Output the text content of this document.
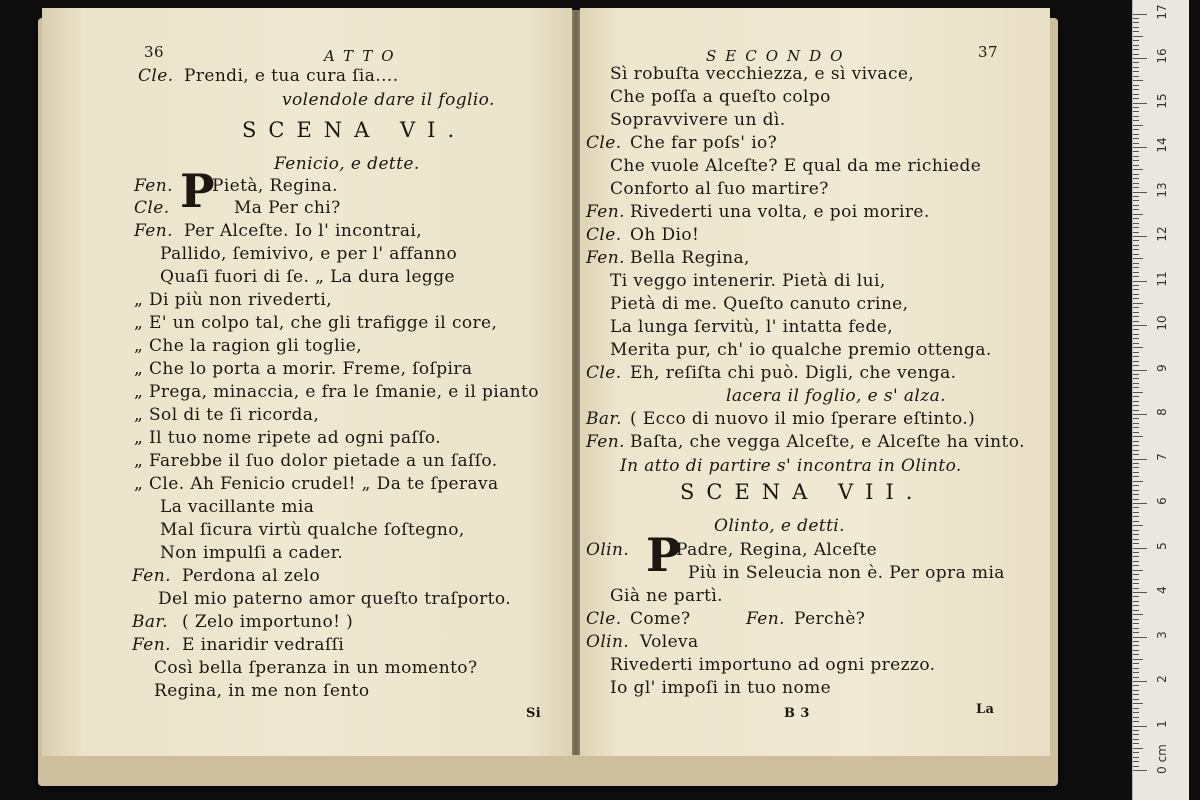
36	ATTO
Cle. Prendi, e tua cura ſia....
volendole dare il foglio.
SCENA VI.
Fenicio, e dette.
P
Fen. Pietà, Regina.
Cle.	Ma Per chi?
Fen. Per Alceſte. Io l' incontrai,
Pallido, ſemivivo, e per l' affanno
Quaſi fuori di ſe. „ La dura legge
„ Di più non rivederti,
„ E' un colpo tal, che gli trafigge il core,
„ Che la ragion gli toglie,
„ Che lo porta a morir. Freme, ſoſpira
„ Prega, minaccia, e fra le ſmanie, e il pianto
„ Sol di te ſi ricorda,
„ Il tuo nome ripete ad ogni paſſo.
„ Farebbe il ſuo dolor pietade a un ſaſſo.
„ Cle. Ah Fenicio crudel! „ Da te ſperava
La vacillante mia
Mal ſicura virtù qualche ſoſtegno,
Non impulſi a cader.
Fen. Perdona al zelo
Del mio paterno amor queſto traſporto.
Bar. ( Zelo importuno! )
Fen. E inaridir vedraſſi
Così bella ſperanza in un momento?
Regina, in me non ſento
Si
SECONDO	37
Sì robuſta vecchiezza, e sì vivace,
Che poſſa a queſto colpo
Sopravvivere un dì.
Cle. Che far poſs' io?
Che vuole Alceſte? E qual da me richiede
Conforto al ſuo martire?
Fen. Rivederti una volta, e poi morire.
Cle. Oh Dio!
Fen. Bella Regina,
Ti veggo intenerir. Pietà di lui,
Pietà di me. Queſto canuto crine,
La lunga ſervitù, l' intatta fede,
Merita pur, ch' io qualche premio ottenga.
Cle. Eh, reſiſta chi può. Digli, che venga.
lacera il foglio, e s' alza.
Bar. ( Ecco di nuovo il mio ſperare eſtinto.)
Fen. Baſta, che vegga Alceſte, e Alceſte ha vinto.
In atto di partire s' incontra in Olinto.
SCENA VII.
Olinto, e detti.
P
Olin.	Padre, Regina, Alceſte
Più in Seleucia non è. Per opra mia
Già ne partì.
Cle. Come?	Fen. Perchè?
Olin. Voleva
Rivederti importuno ad ogni prezzo.
Io gl' impoſi in tuo nome
B 3	La
0 cm
1
2
3
4
5
6
7
8
9
10
11
12
13
14
15
16
17
